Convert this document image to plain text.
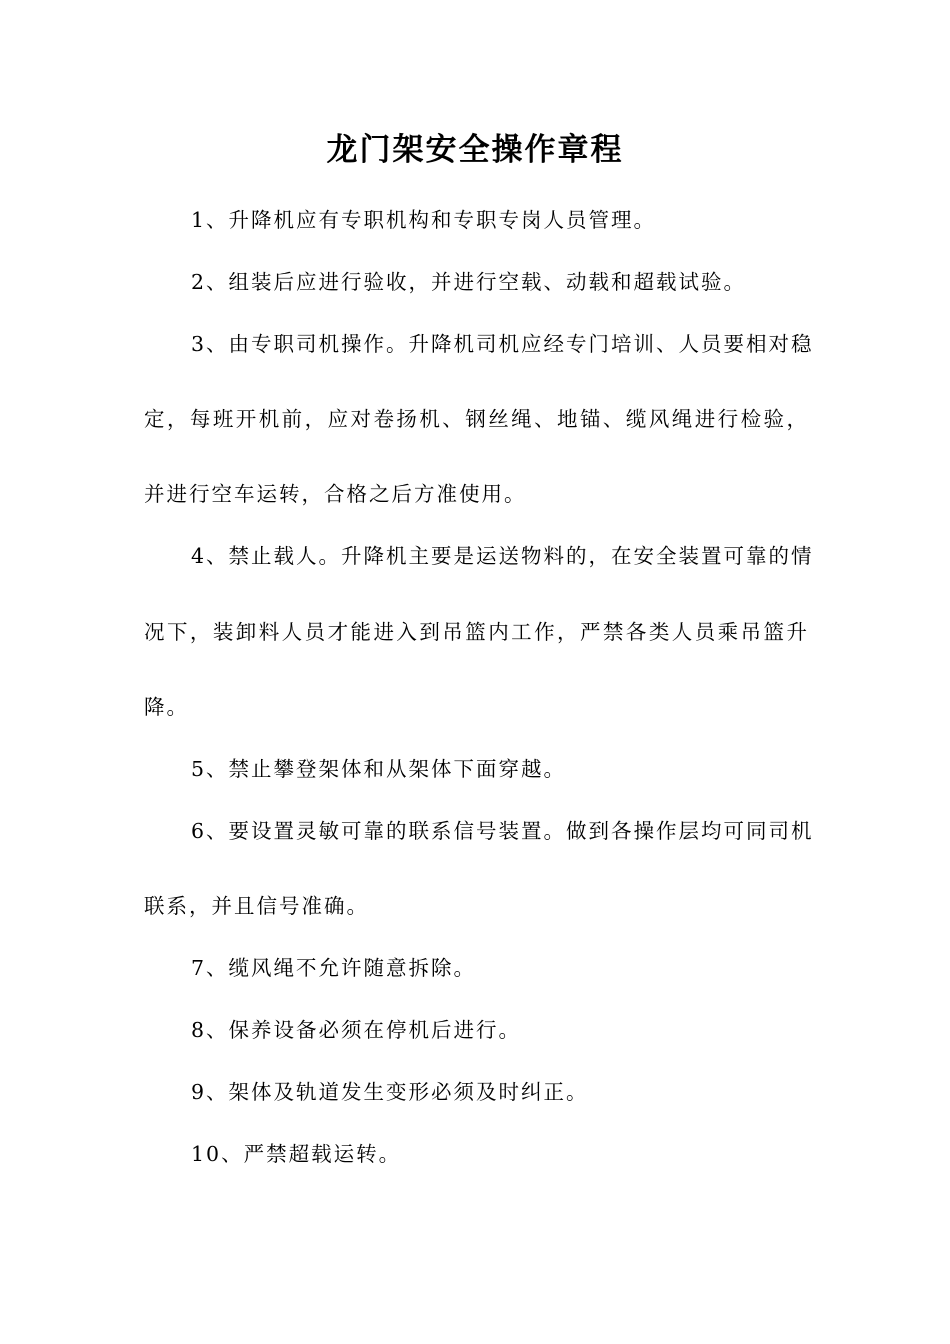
龙门架安全操作章程
1、升降机应有专职机构和专职专岗人员管理。
2、组装后应进行验收，并进行空载、动载和超载试验。
3、由专职司机操作。升降机司机应经专门培训、人员要相对稳
定，每班开机前，应对卷扬机、钢丝绳、地锚、缆风绳进行检验，
并进行空车运转，合格之后方准使用。
4、禁止载人。升降机主要是运送物料的，在安全装置可靠的情
况下，装卸料人员才能进入到吊篮内工作，严禁各类人员乘吊篮升
降。
5、禁止攀登架体和从架体下面穿越。
6、要设置灵敏可靠的联系信号装置。做到各操作层均可同司机
联系，并且信号准确。
7、缆风绳不允许随意拆除。
8、保养设备必须在停机后进行。
9、架体及轨道发生变形必须及时纠正。
10、严禁超载运转。
